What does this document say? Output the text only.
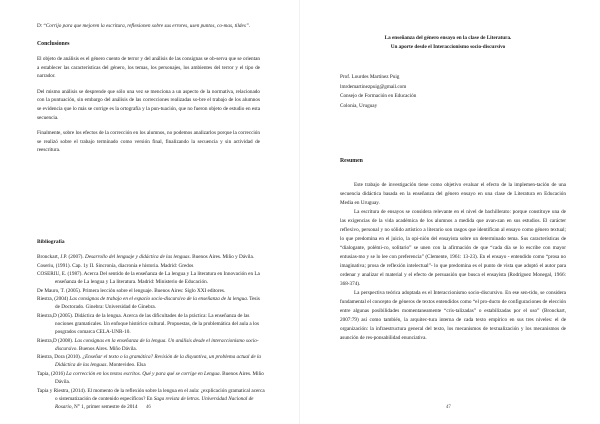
D: “Corrijo para que mejoren la escritura, reflexionen sobre sus errores, usen puntos, co-mas, tildes”.

Conclusiones

El objeto de análisis es el género cuento de terror y del análisis de las consignas se ob-serva que se orientan a establecer las características del género, los temas, los personajes, los ambientes del terror y el tipo de narrador.

Del mismo análisis se desprende que sólo una vez se menciona a un aspecto de la normativa, relacionado con la puntuación, sin embargo del análisis de las correcciones realizadas so-bre el trabajo de los alumnos se evidencia que lo más se corrige es la ortografía y la pun-tuación, que no fueron objeto de estudio en esta secuencia.

Finalmente, sobre los efectos de la corrección en los alumnos, no podemos analizarlos porque la corrección se realizó sobre el trabajo terminado como versión final, finalizando la secuencia y sin actividad de reescritura.

Bibliografía
Bronckart, J.P. (2007). Desarrollo del lenguaje y didáctica de las lenguas. Buenos Aires. Miño y Dávila.
Coseriu, (1991). Cap. 1y II. Sincronía, diacronía e historia. Madrid: Gredos
COSERIU, E. (1987). Acerca Del sentido de la enseñanza de La lengua y La literatura en Innovación en La enseñanza de La lengua y La literatura. Madrid: Ministerio de Educación.
De Mauro, T. (2005). Primera lección sobre el lenguaje. Buenos Aires: Siglo XXI editores.
Riestra, (2004) Las consignas de trabajo en el espacio socio-discursivo de la enseñanza de la lengua. Tesis de Doctorado. Ginebra: Universidad de Ginebra.
Riestra,D (2005). Didáctica de la lengua. Acerca de las dificultades de la práctica: La enseñanza de las nociones gramaticales. Un enfoque histórico cultural. Propuestas, de la problemática del aula a los posgrados comarca CELA-UNR-10.
Riestra,D (2008). Las consignas en la enseñanza de la lengua. Un análisis desde el interaccionismo socio-discursivo. Buenos Aires. Miño Dávila.
Riestra, Dora (2010). ¿Enseñar el texto o la gramática? Revisión de la disyuntiva, un problema actual de la Didáctica de las lenguas. Montevideo. Elsa
Tapia, (2016) La corrección en los textos escritos. Qué y para qué se corrige en Lengua. Buenos Aires. Miño Dávila.
Tapia y Riestra, (2014). El momento de la reflexión sobre la lengua en el aula: ¿explicación gramatical acerca o sistematización de contenido específicos? En Saga revista de letras. Universidad Nacional de Rosario, N° 1, primer semestre de 2014	46
La enseñanza del género ensayo en la clase de Literatura.
Un aporte desde el Interaccionismo socio-discursivo
Prof. Lourdes Martínez Puig
lmrdemartinezpuig@gmail.com
Consejo de Formación en Educación
Colonia, Uruguay
Resumen

Este trabajo de investigación tiene como objetivo evaluar el efecto de la implemen-tación de una secuencia didáctica basada en la enseñanza del género ensayo en una clase de Literatura en Educación Media en Uruguay.

La escritura de ensayos se considera relevante en el nivel de bachillerato: porque constituye una de las exigencias de la vida académica de los alumnos a medida que avan-zan en sus estudios. El carácter reflexivo, personal y no sólido artístico a literario son rasgos que identifican al ensayo como género textual; lo que predomina en el juicio, la opi-nión del ensayista sobre un determinado tema. Sus características de “dialogante, polémi-co, solitario” se unen con la afirmación de que “cada día se lo escribe con mayor entusias-mo y se lo lee con preferencia” (Clemente, 1961: 13-23). En el ensayo - entendido como “prosa no imaginativa; prosa de reflexión intelectual”- lo que predomina es el punto de vista que adoptó el autor para ordenar y analizar el material y el efecto de persuasión que busca el ensayista (Rodríguez Monegal, 1966: 368-374).

La perspectiva teórica adoptada es el Interaccionismo socio-discursivo. En ese sen-tido, se considera fundamental el concepto de géneros de textos entendidos como “el pro-ducto de configuraciones de elección entre algunas posibilidades momentaneamente “cris-talizadas” o estabilizadas por el uso” (Bronckart, 2007:79) así como también, la arquitec-tura interna de cada texto empírico en sus tres niveles: el de organización: la infraestructura general del texto, los mecanismos de textualización y los mecanismos de asunción de res-ponsabilidad enunciativa.

47
